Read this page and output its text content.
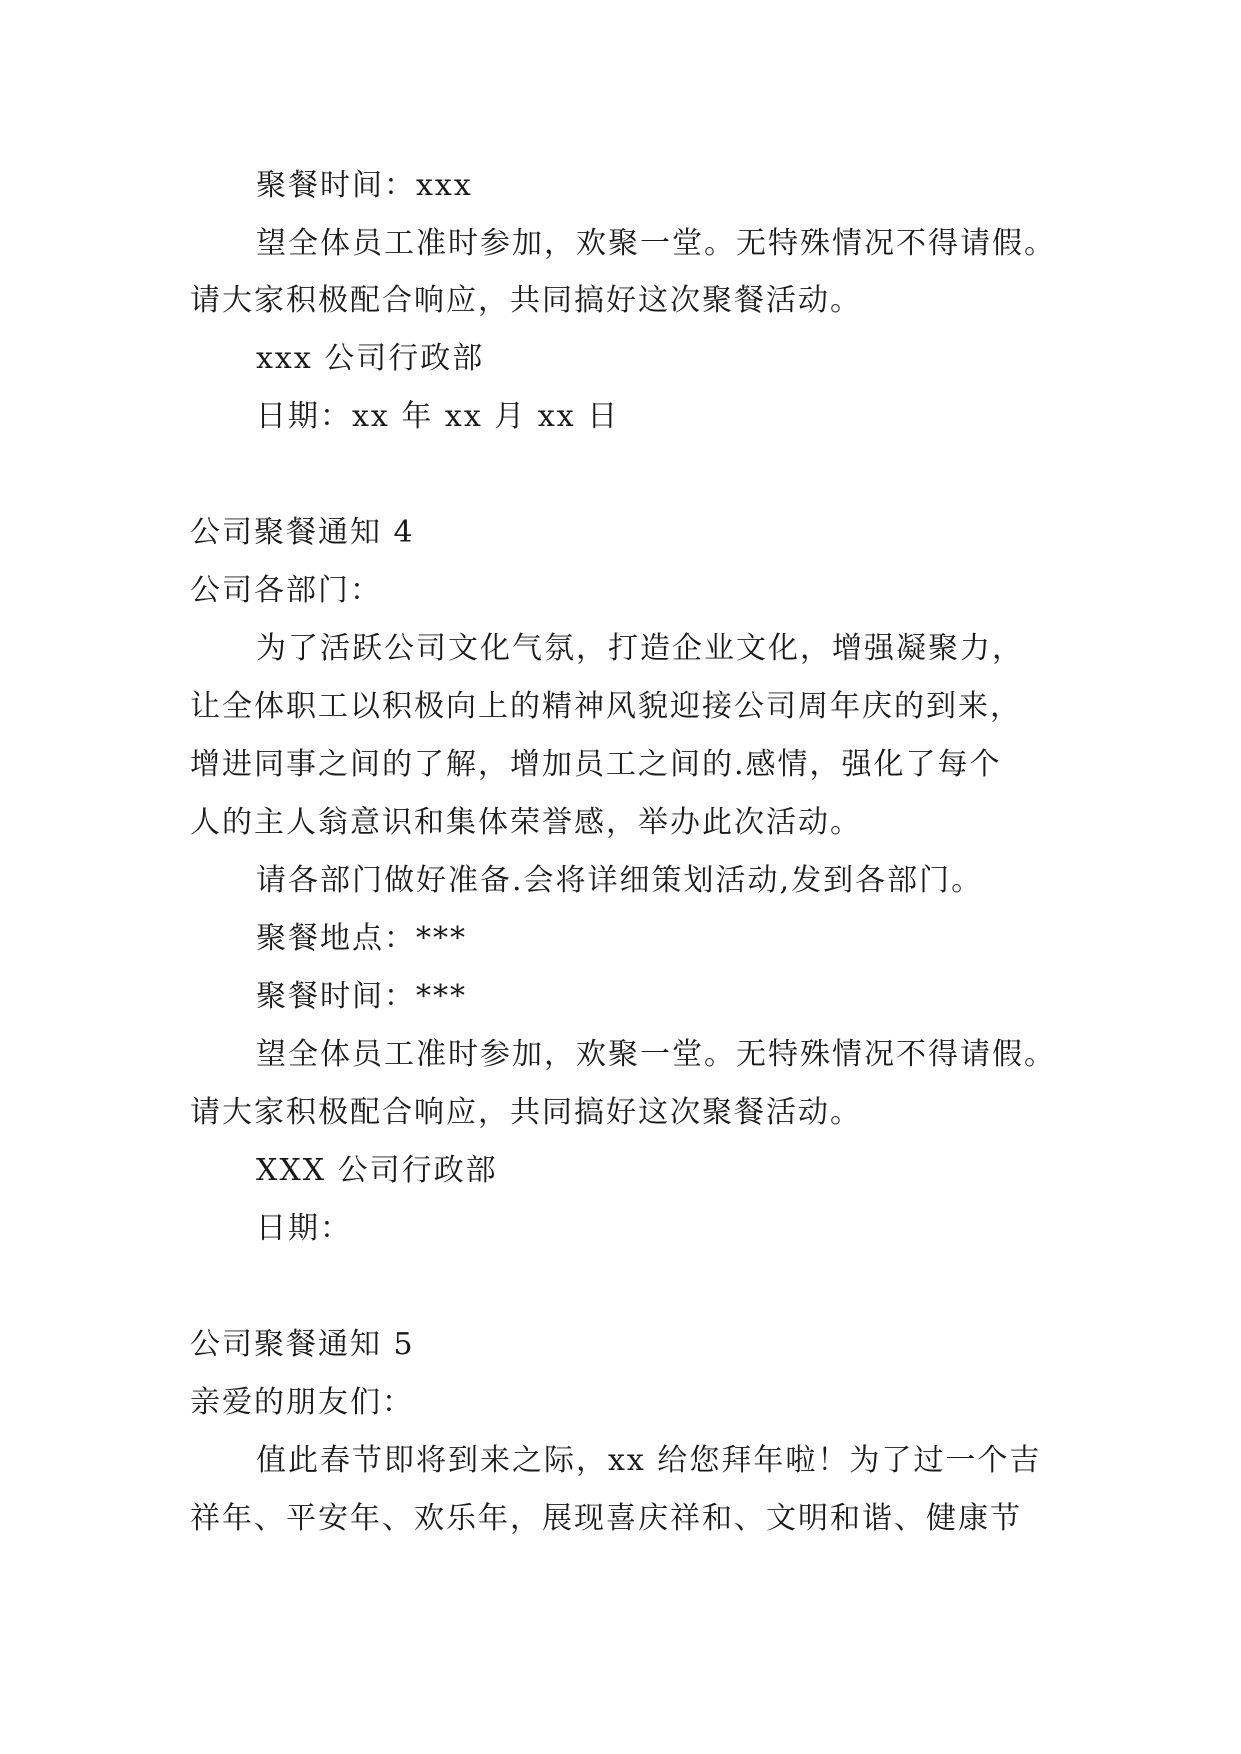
聚餐时间：xxx
望全体员工准时参加，欢聚一堂。无特殊情况不得请假。
请大家积极配合响应，共同搞好这次聚餐活动。
xxx 公司行政部
日期：xx 年 xx 月 xx 日
公司聚餐通知 4
公司各部门：
为了活跃公司文化气氛，打造企业文化，增强凝聚力，
让全体职工以积极向上的精神风貌迎接公司周年庆的到来，
增进同事之间的了解，增加员工之间的.感情，强化了每个
人的主人翁意识和集体荣誉感，举办此次活动。
请各部门做好准备.会将详细策划活动,发到各部门。
聚餐地点：***
聚餐时间：***
望全体员工准时参加，欢聚一堂。无特殊情况不得请假。
请大家积极配合响应，共同搞好这次聚餐活动。
XXX 公司行政部
日期：
公司聚餐通知 5
亲爱的朋友们：
值此春节即将到来之际，xx 给您拜年啦！为了过一个吉
祥年、平安年、欢乐年，展现喜庆祥和、文明和谐、健康节
